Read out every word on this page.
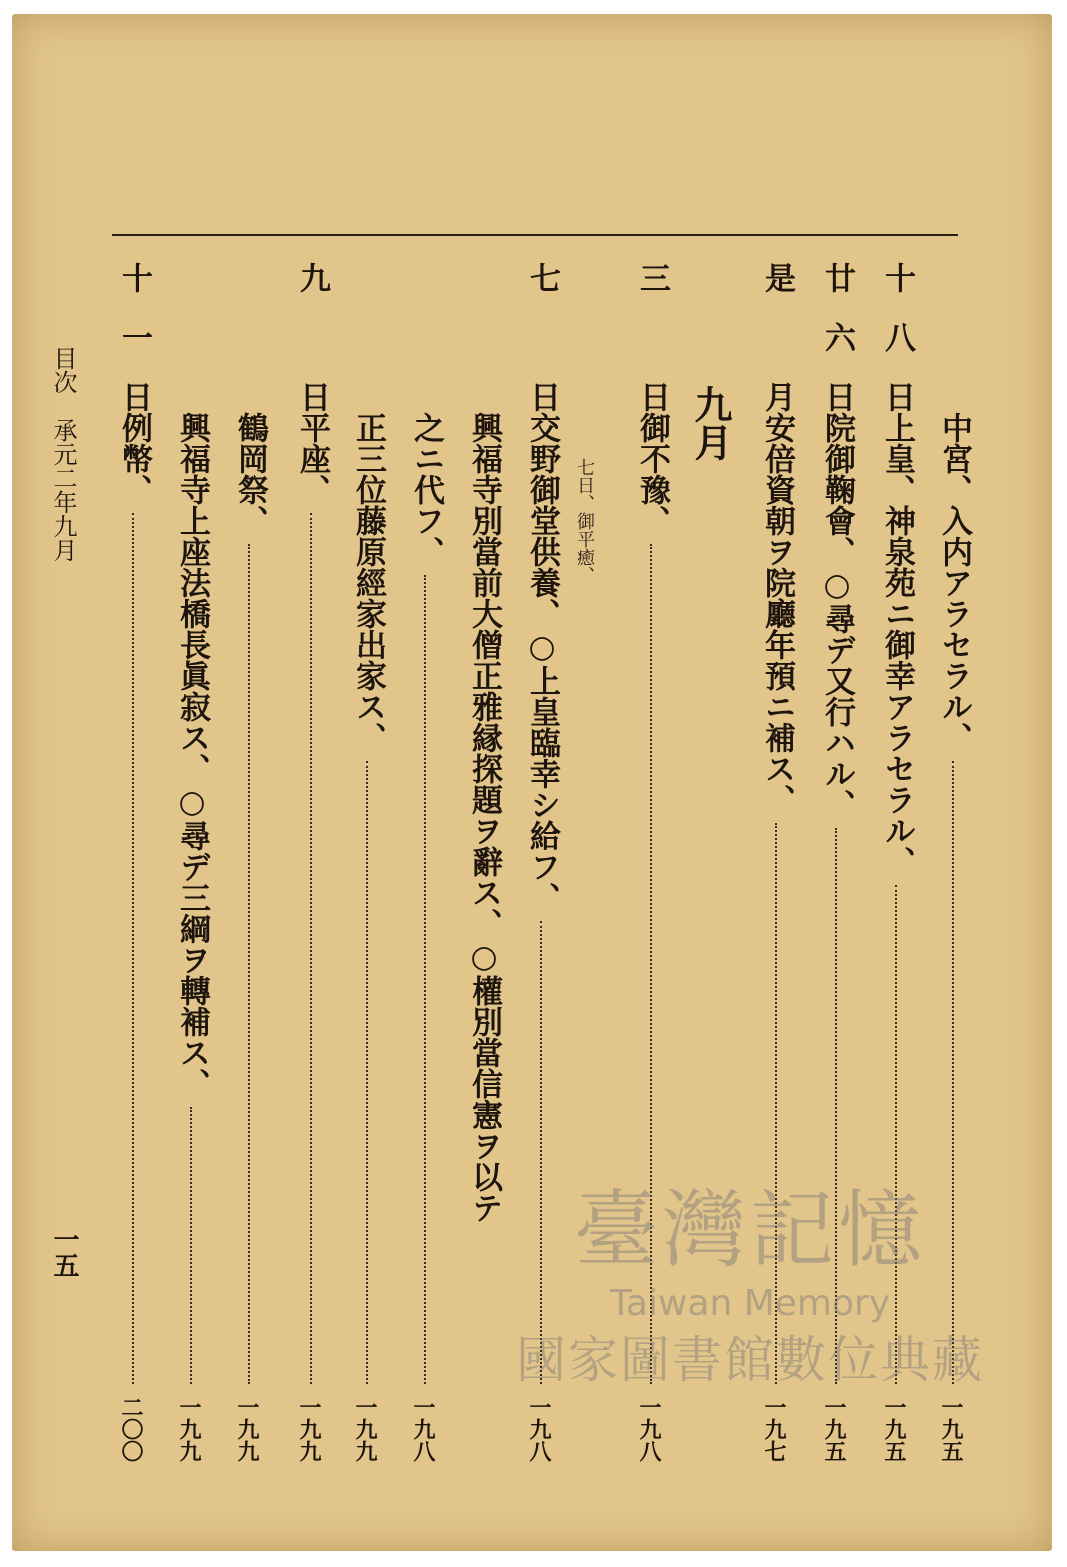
中宮、入内アラセラル、
一九五
十八日上皇、神泉苑ニ御幸アラセラル、
一九五
廿六日院御鞠會、○尋デ又行ハル、
一九五
是月安倍資朝ヲ院廳年預ニ補ス、
一九七
三日御不豫、
一九八
七日交野御堂供養、○上皇臨幸シ給フ、
一九八
興福寺別當前大僧正雅縁探題ヲ辭ス、○權別當信憲ヲ以テ
之ニ代フ、
一九八
正三位藤原經家出家ス、
一九九
九日平座、
一九九
鶴岡祭、
一九九
興福寺上座法橋長眞寂ス、○尋デ三綱ヲ轉補ス、
一九九
十一日例幣、
二〇〇
九月
七日、御平癒、
目次　承元二年九月
一五	臺灣記憶
Taiwan Memory
國家圖書館數位典藏
